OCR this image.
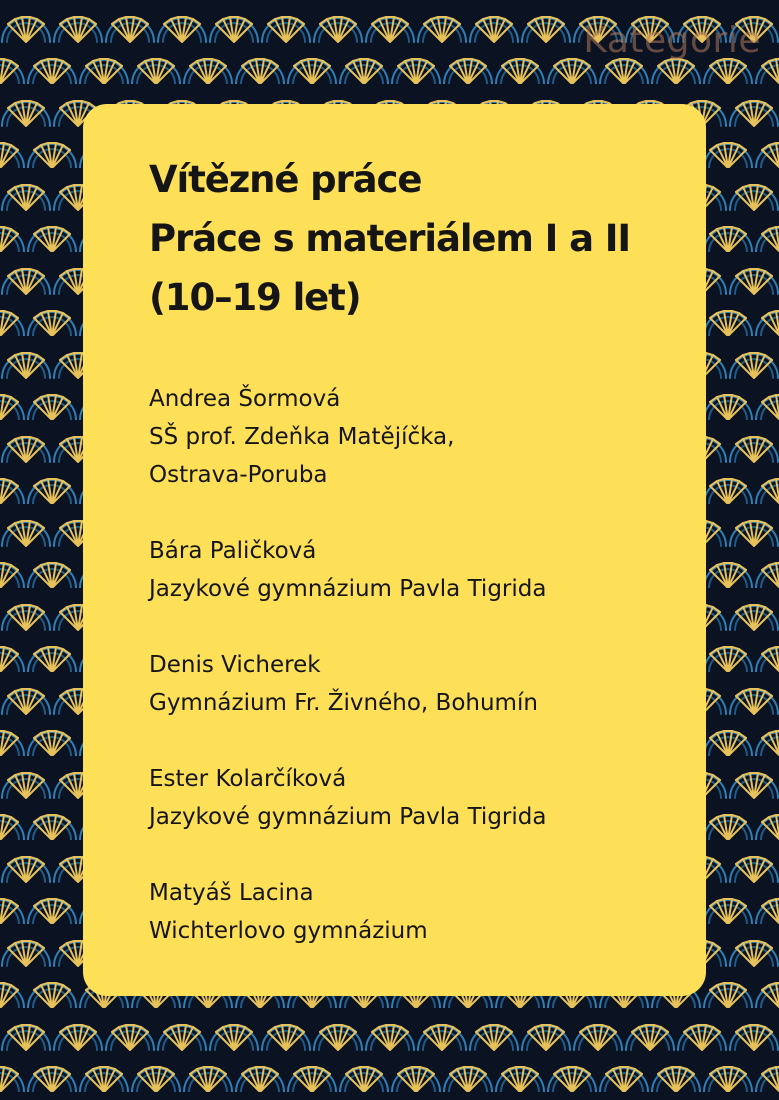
Kategorie

Vítězné práce
Práce s materiálem I a II
(10–19 let)
Andrea Šormová
SŠ prof. Zdeňka Matějíčka,
Ostrava-Poruba
Bára Paličková
Jazykové gymnázium Pavla Tigrida
Denis Vicherek
Gymnázium Fr. Živného, Bohumín
Ester Kolarčíková
Jazykové gymnázium Pavla Tigrida
Matyáš Lacina
Wichterlovo gymnázium
